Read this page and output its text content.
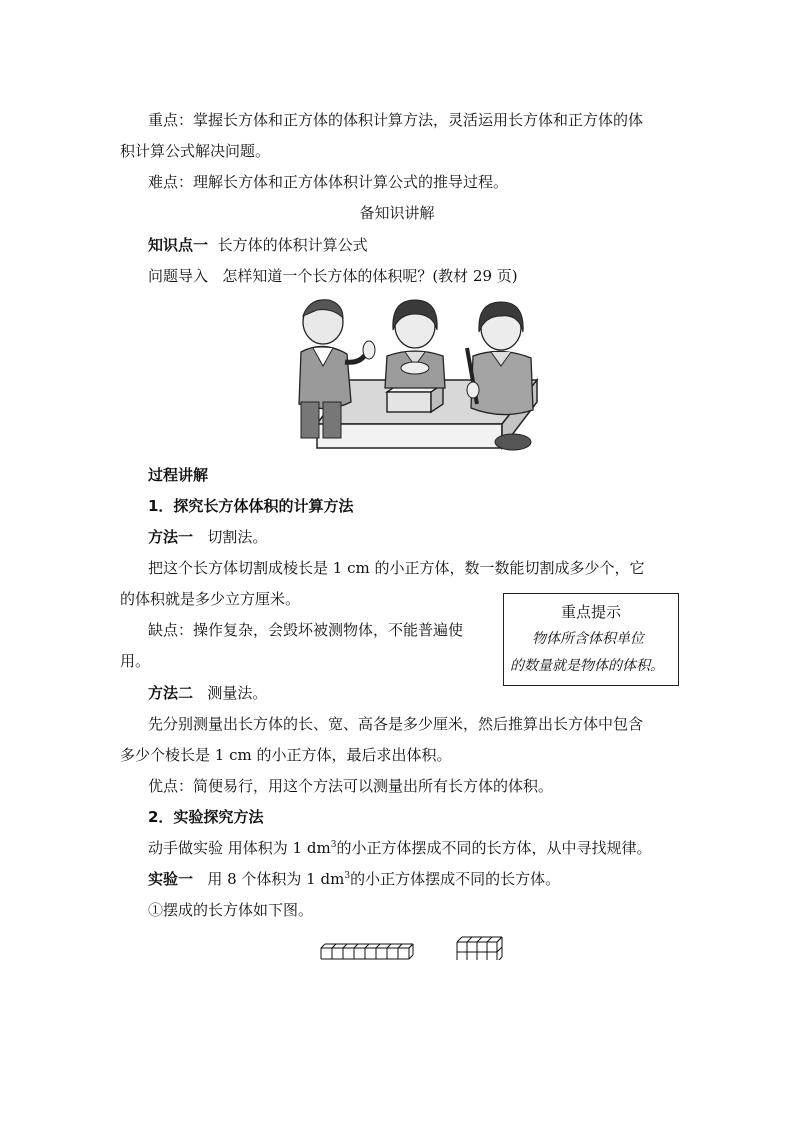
重点：掌握长方体和正方体的体积计算方法，灵活运用长方体和正方体的体
积计算公式解决问题。
难点：理解长方体和正方体体积计算公式的推导过程。
备知识讲解
知识点一 长方体的体积计算公式
问题导入 怎样知道一个长方体的体积呢？(教材 29 页)
过程讲解
1．探究长方体体积的计算方法
方法一 切割法。
把这个长方体切割成棱长是 1 cm 的小正方体，数一数能切割成多少个，它
的体积就是多少立方厘米。
缺点：操作复杂，会毁坏被测物体，不能普遍使
用。
重点提示
物体所含体积单位
的数量就是物体的体积。
方法二 测量法。
先分别测量出长方体的长、宽、高各是多少厘米，然后推算出长方体中包含
多少个棱长是 1 cm 的小正方体，最后求出体积。
优点：简便易行，用这个方法可以测量出所有长方体的体积。
2．实验探究方法
动手做实验 用体积为 1 $dm^3$的小正方体摆成不同的长方体，从中寻找规律。
实验一 用 8 个体积为 1 $dm^3$的小正方体摆成不同的长方体。
①摆成的长方体如下图。
